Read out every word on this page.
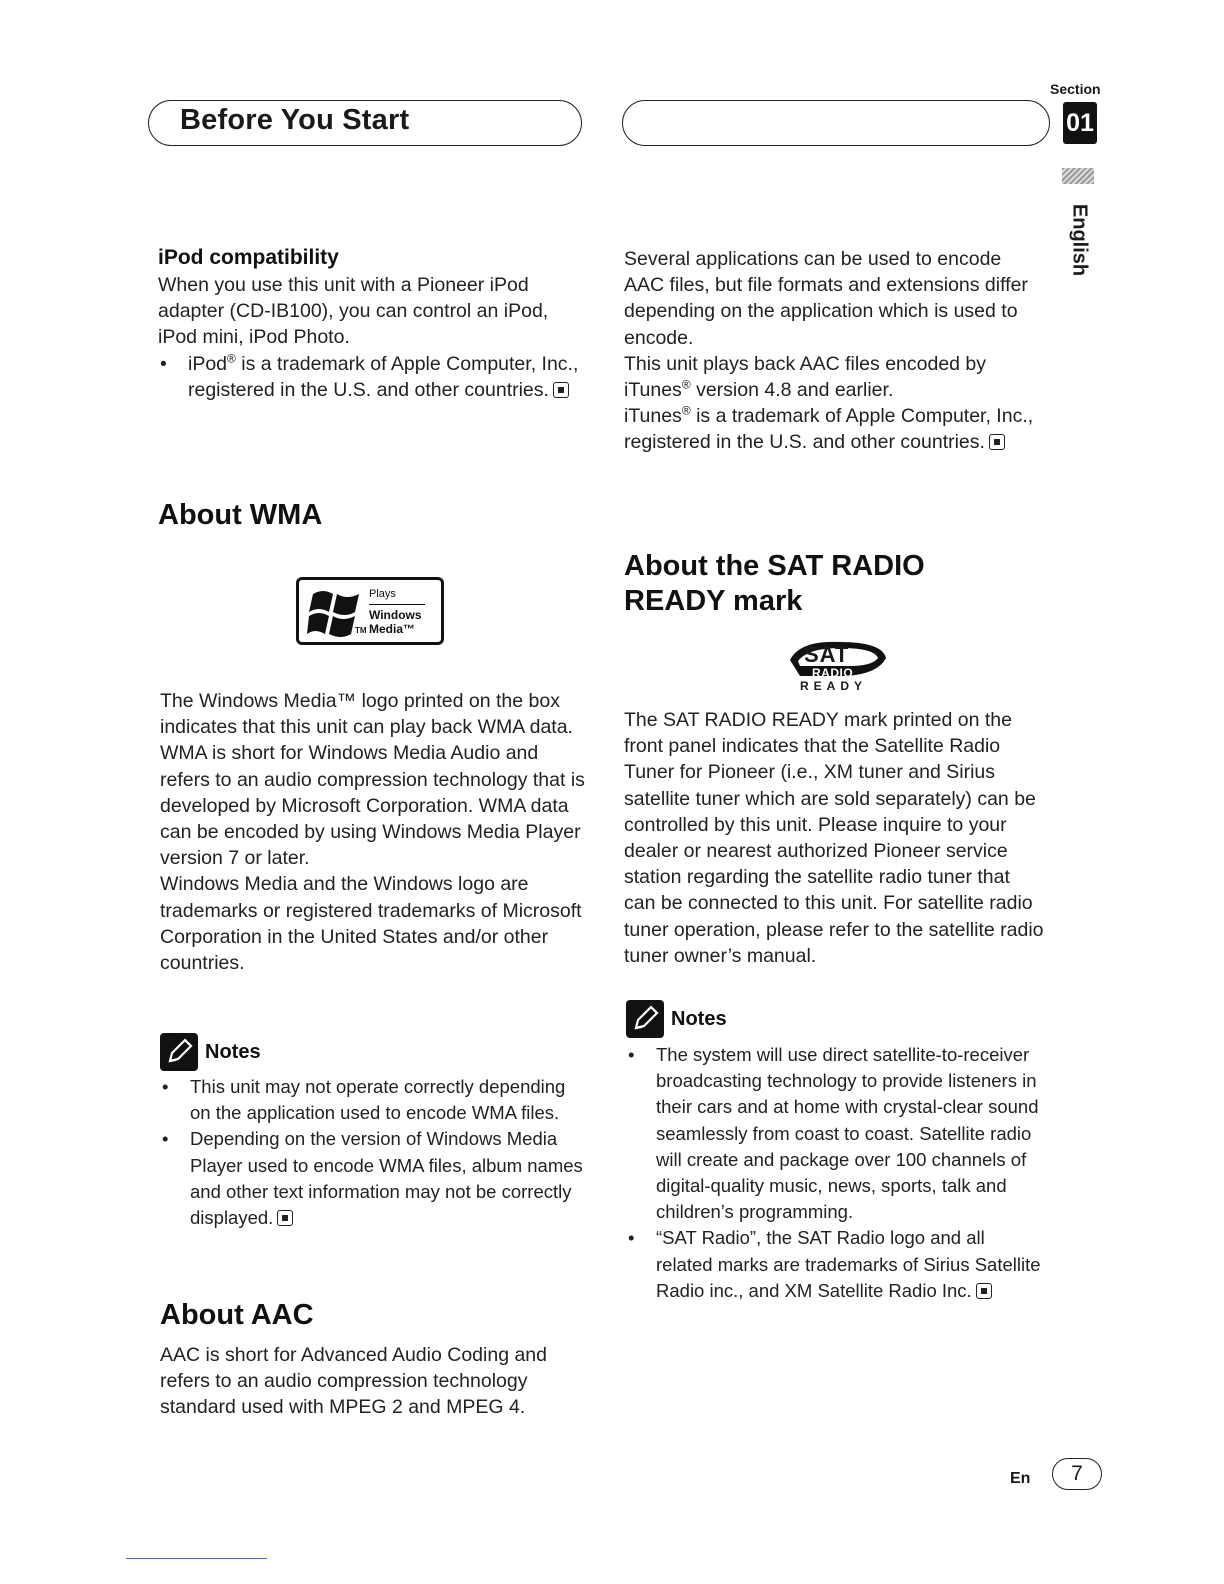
Before You Start
Section
01
English
iPod compatibility
When you use this unit with a Pioneer iPod adapter (CD-IB100), you can control an iPod, iPod mini, iPod Photo.
• iPod® is a trademark of Apple Computer, Inc., registered in the U.S. and other countries.
About WMA
Plays
Windows
Media™
TM
The Windows Media™ logo printed on the box indicates that this unit can play back WMA data.
WMA is short for Windows Media Audio and refers to an audio compression technology that is developed by Microsoft Corporation. WMA data can be encoded by using Windows Media Player version 7 or later.
Windows Media and the Windows logo are trademarks or registered trademarks of Microsoft Corporation in the United States and/or other countries.
Notes
• This unit may not operate correctly depending on the application used to encode WMA files.
• Depending on the version of Windows Media Player used to encode WMA files, album names and other text information may not be correctly displayed.
About AAC
AAC is short for Advanced Audio Coding and refers to an audio compression technology standard used with MPEG 2 and MPEG 4.
Several applications can be used to encode AAC files, but file formats and extensions differ depending on the application which is used to encode.
This unit plays back AAC files encoded by iTunes® version 4.8 and earlier.
iTunes® is a trademark of Apple Computer, Inc., registered in the U.S. and other countries.
About the SAT RADIO READY mark
SAT
RADIO
READY
The SAT RADIO READY mark printed on the front panel indicates that the Satellite Radio Tuner for Pioneer (i.e., XM tuner and Sirius satellite tuner which are sold separately) can be controlled by this unit. Please inquire to your dealer or nearest authorized Pioneer service station regarding the satellite radio tuner that can be connected to this unit. For satellite radio tuner operation, please refer to the satellite radio tuner owner’s manual.
Notes
• The system will use direct satellite-to-receiver broadcasting technology to provide listeners in their cars and at home with crystal-clear sound seamlessly from coast to coast. Satellite radio will create and package over 100 channels of digital-quality music, news, sports, talk and children’s programming.
• “SAT Radio”, the SAT Radio logo and all related marks are trademarks of Sirius Satellite Radio inc., and XM Satellite Radio Inc.
En	7
